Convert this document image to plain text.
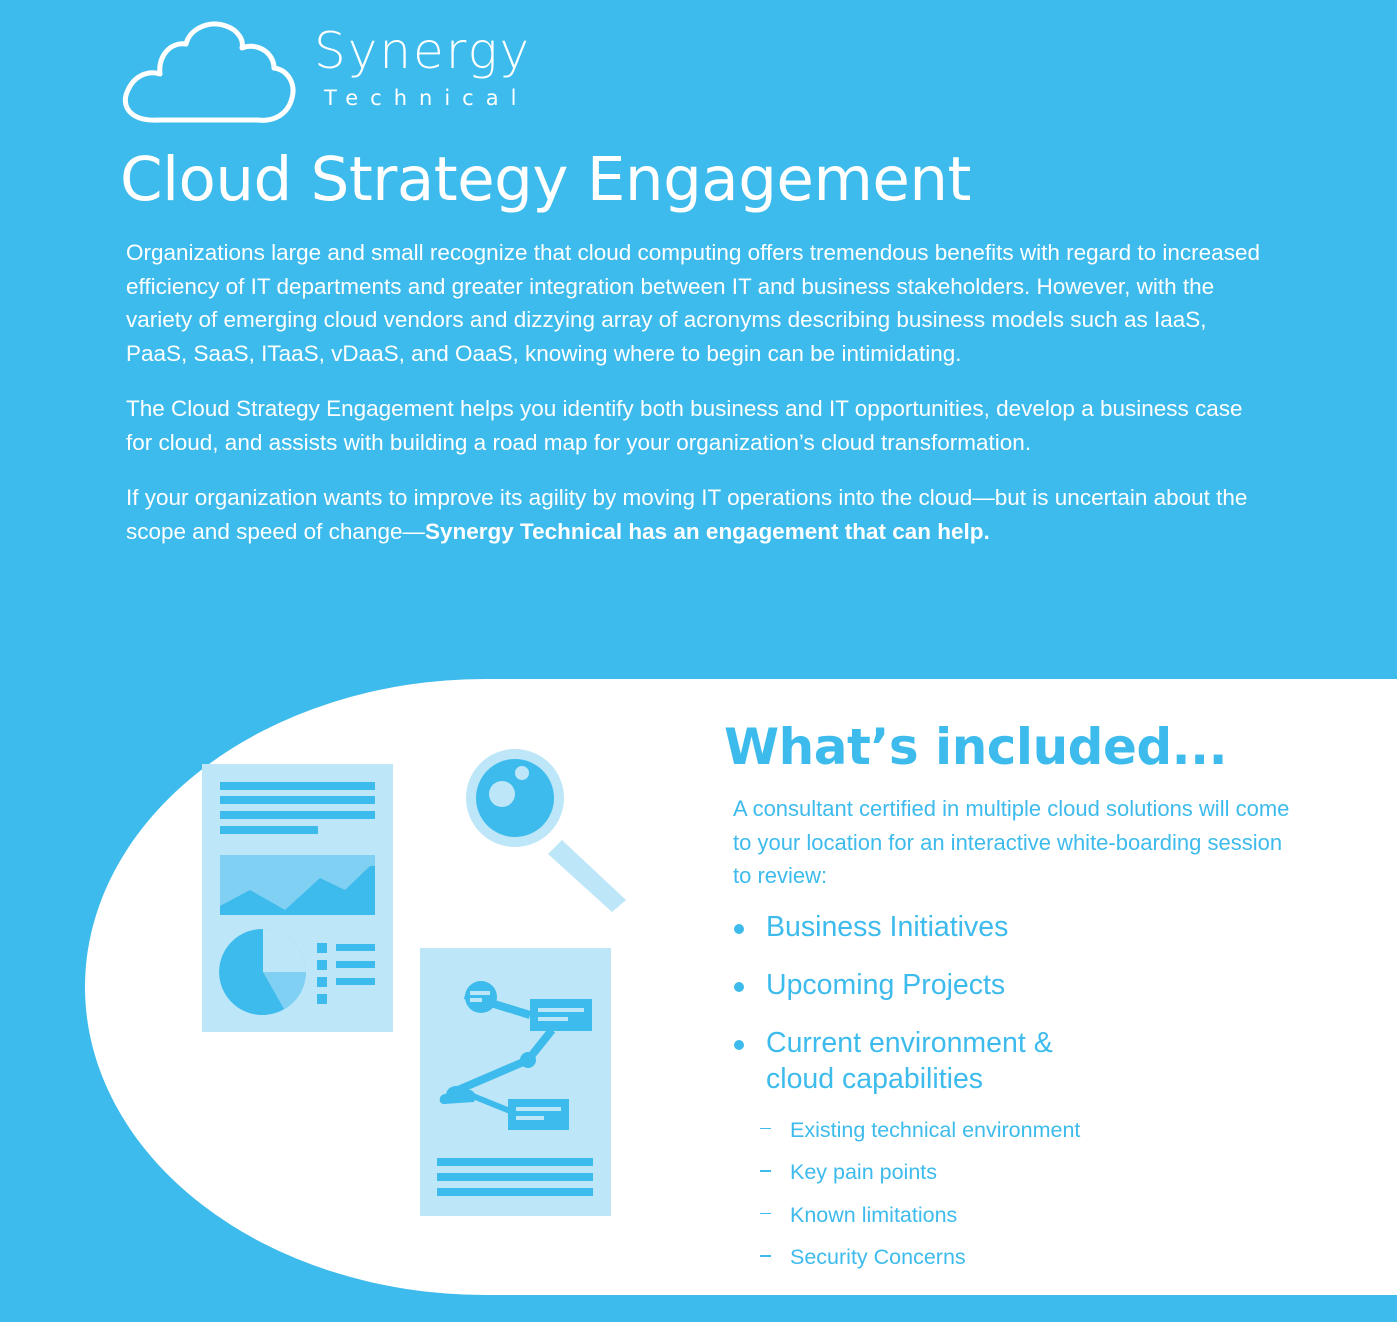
Synergy
Technical
Cloud Strategy Engagement

Organizations large and small recognize that cloud computing offers tremendous benefits with regard to increased efficiency of IT departments and greater integration between IT and business stakeholders. However, with the variety of emerging cloud vendors and dizzying array of acronyms describing business models such as IaaS, PaaS, SaaS, ITaaS, vDaaS, and OaaS, knowing where to begin can be intimidating.

The Cloud Strategy Engagement helps you identify both business and IT opportunities, develop a business case for cloud, and assists with building a road map for your organization’s cloud transformation.

If your organization wants to improve its agility by moving IT operations into the cloud—but is uncertain about the scope and speed of change—Synergy Technical has an engagement that can help.

What’s included...

A consultant certified in multiple cloud solutions will come to your location for an interactive white-boarding session to review:

Business Initiatives
Upcoming Projects
Current environment & cloud capabilities
Existing technical environment
Key pain points
Known limitations
Security Concerns
